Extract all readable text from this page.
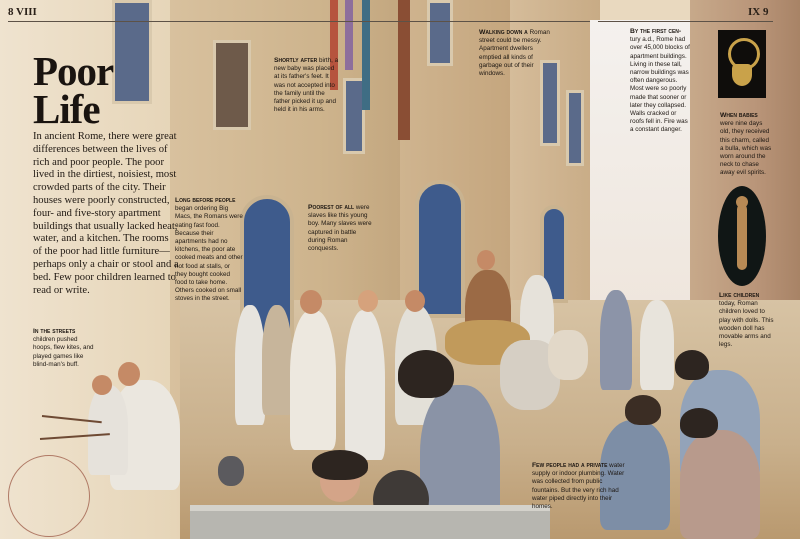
8 VIII	IX 9
Poor
Life
In ancient Rome, there were great differences between the lives of rich and poor people. The poor lived in the dirtiest, noisiest, most crowded parts of the city. Their houses were poorly constructed, four- and five-story apartment buildings that usually lacked heat, water, and a kitchen. The rooms of the poor had little furniture—perhaps only a chair or stool and a bed. Few poor children learned to read or write.
In the streets children pushed hoops, flew kites, and played games like blind-man's buff.
Long before people began ordering Big Macs, the Romans were eating fast food. Because their apartments had no kitchens, the poor ate cooked meats and other hot food at stalls, or they bought cooked food to take home. Others cooked on small stoves in the street.
Shortly after birth, a new baby was placed at its father's feet. It was not accepted into the family until the father picked it up and held it in his arms.
Poorest of all were slaves like this young boy. Many slaves were captured in battle during Roman conquests.
Walking down a Roman street could be messy. Apartment dwellers emptied all kinds of garbage out of their windows.
By the first cen- tury a.d., Rome had over 45,000 blocks of apartment buildings. Living in these tall, narrow buildings was often dangerous. Most were so poorly made that sooner or later they collapsed. Walls cracked or roofs fell in. Fire was a constant danger.
When babies were nine days old, they received this charm, called a bulla, which was worn around the neck to chase away evil spirits.
Like children today, Roman children loved to play with dolls. This wooden doll has movable arms and legs.
Few people had a private water supply or indoor plumbing. Water was collected from public fountains. But the very rich had water piped directly into their homes.
